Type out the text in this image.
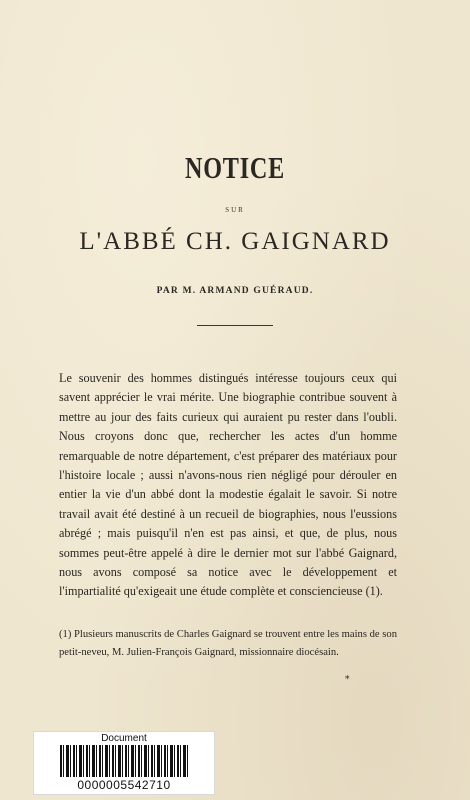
NOTICE
SUR
L'ABBÉ CH. GAIGNARD
PAR M. ARMAND GUÉRAUD.
Le souvenir des hommes distingués intéresse toujours ceux qui savent apprécier le vrai mérite. Une biographie contribue souvent à mettre au jour des faits curieux qui auraient pu rester dans l'oubli. Nous croyons donc que, rechercher les actes d'un homme remarquable de notre département, c'est préparer des matériaux pour l'histoire locale ; aussi n'avons-nous rien négligé pour dérouler en entier la vie d'un abbé dont la modestie égalait le savoir. Si notre travail avait été destiné à un recueil de biographies, nous l'eussions abrégé ; mais puisqu'il n'en est pas ainsi, et que, de plus, nous sommes peut-être appelé à dire le dernier mot sur l'abbé Gaignard, nous avons composé sa notice avec le développement et l'impartialité qu'exigeait une étude complète et consciencieuse (1).
(1) Plusieurs manuscrits de Charles Gaignard se trouvent entre les mains de son petit-neveu, M. Julien-François Gaignard, missionnaire diocésain.
*
Document
0000005542710
